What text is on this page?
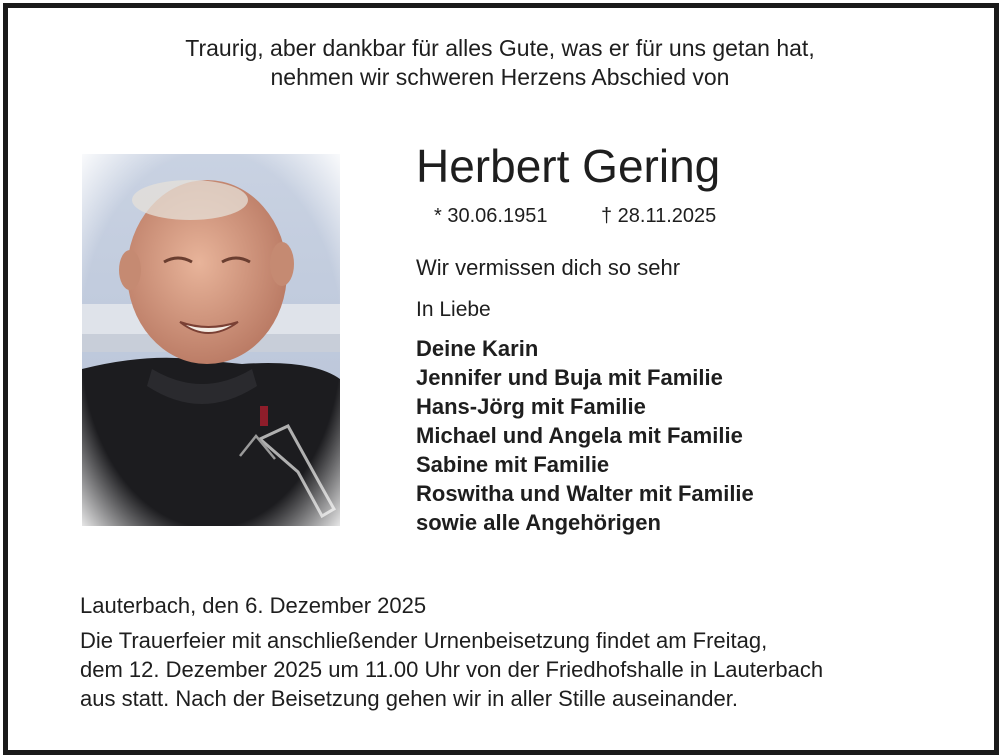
Traurig, aber dankbar für alles Gute, was er für uns getan hat,
nehmen wir schweren Herzens Abschied von
Herbert Gering
* 30.06.1951	† 28.11.2025
Wir vermissen dich so sehr
In Liebe
Deine Karin
Jennifer und Buja mit Familie
Hans-Jörg mit Familie
Michael und Angela mit Familie
Sabine mit Familie
Roswitha und Walter mit Familie
sowie alle Angehörigen
Lauterbach, den 6. Dezember 2025
Die Trauerfeier mit anschließender Urnenbeisetzung findet am Freitag,
dem 12. Dezember 2025 um 11.00 Uhr von der Friedhofshalle in Lauterbach
aus statt. Nach der Beisetzung gehen wir in aller Stille auseinander.
